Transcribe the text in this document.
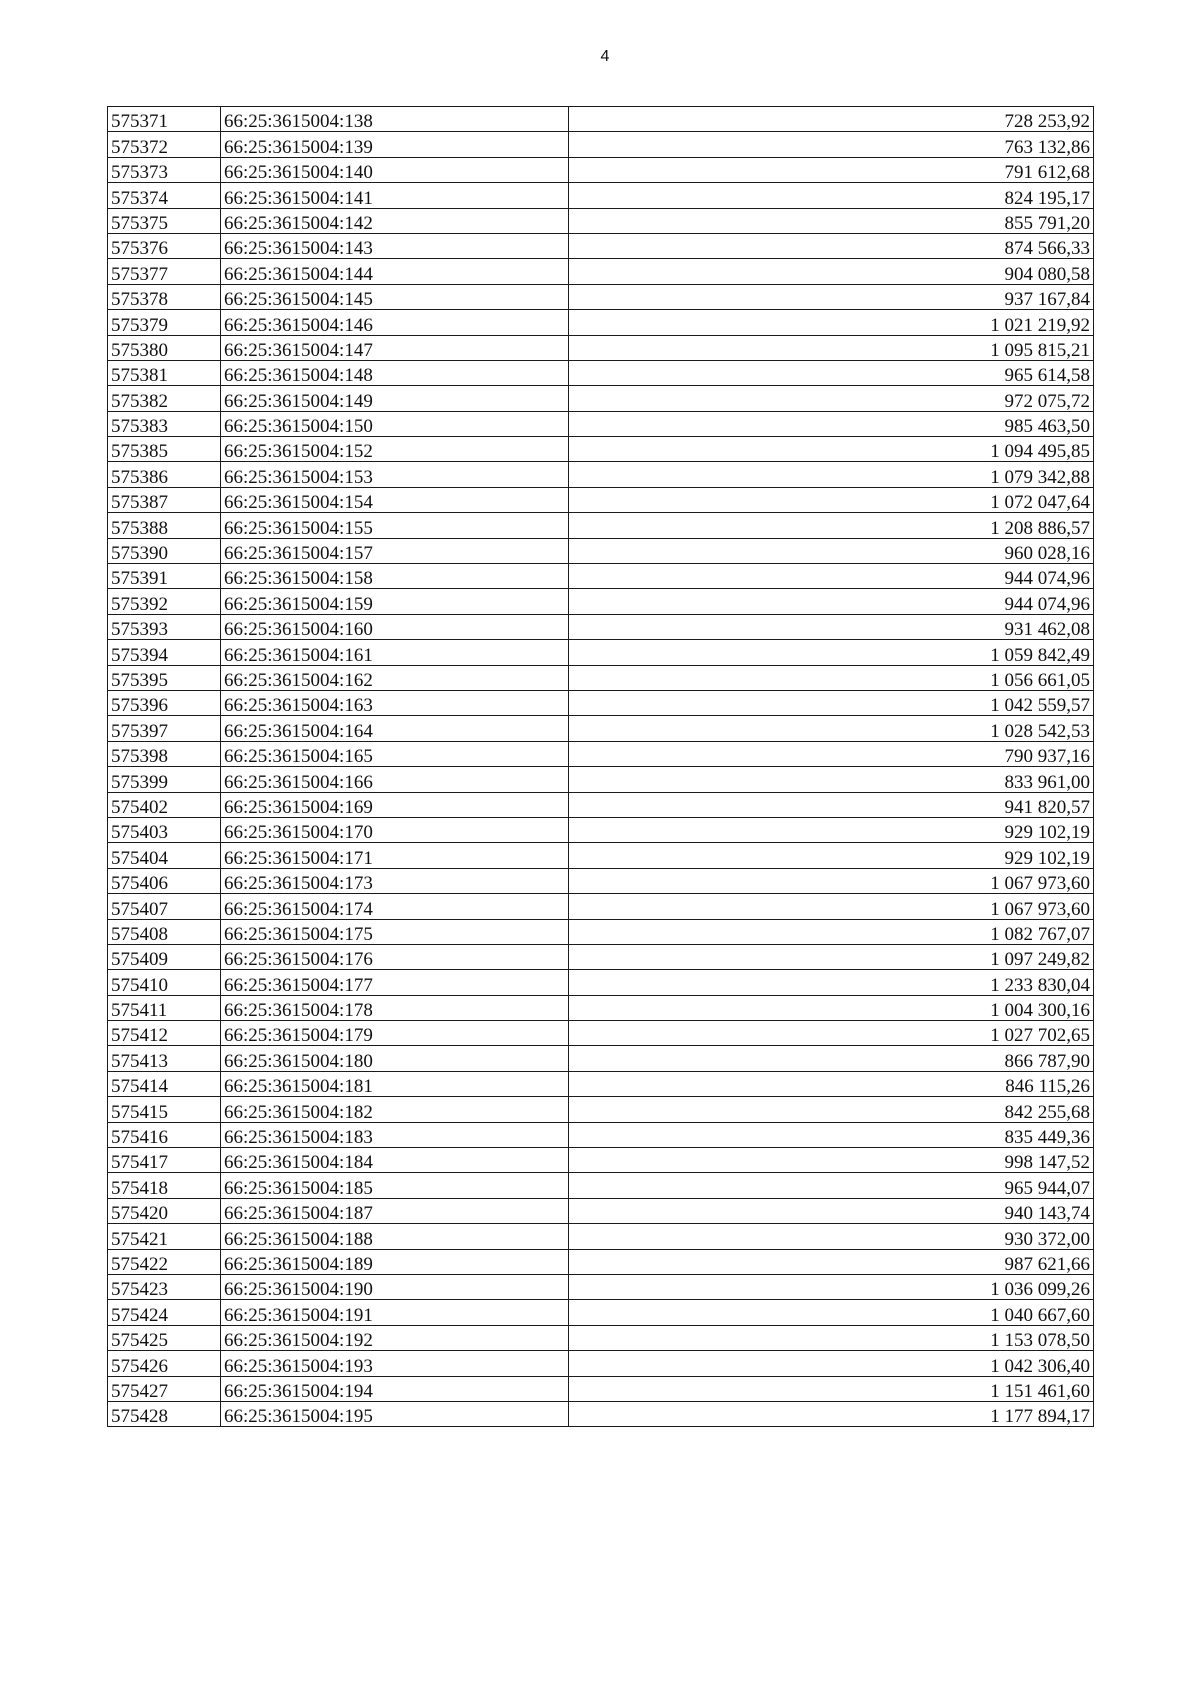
4
575371	66:25:3615004:138	728 253,92
575372	66:25:3615004:139	763 132,86
575373	66:25:3615004:140	791 612,68
575374	66:25:3615004:141	824 195,17
575375	66:25:3615004:142	855 791,20
575376	66:25:3615004:143	874 566,33
575377	66:25:3615004:144	904 080,58
575378	66:25:3615004:145	937 167,84
575379	66:25:3615004:146	1 021 219,92
575380	66:25:3615004:147	1 095 815,21
575381	66:25:3615004:148	965 614,58
575382	66:25:3615004:149	972 075,72
575383	66:25:3615004:150	985 463,50
575385	66:25:3615004:152	1 094 495,85
575386	66:25:3615004:153	1 079 342,88
575387	66:25:3615004:154	1 072 047,64
575388	66:25:3615004:155	1 208 886,57
575390	66:25:3615004:157	960 028,16
575391	66:25:3615004:158	944 074,96
575392	66:25:3615004:159	944 074,96
575393	66:25:3615004:160	931 462,08
575394	66:25:3615004:161	1 059 842,49
575395	66:25:3615004:162	1 056 661,05
575396	66:25:3615004:163	1 042 559,57
575397	66:25:3615004:164	1 028 542,53
575398	66:25:3615004:165	790 937,16
575399	66:25:3615004:166	833 961,00
575402	66:25:3615004:169	941 820,57
575403	66:25:3615004:170	929 102,19
575404	66:25:3615004:171	929 102,19
575406	66:25:3615004:173	1 067 973,60
575407	66:25:3615004:174	1 067 973,60
575408	66:25:3615004:175	1 082 767,07
575409	66:25:3615004:176	1 097 249,82
575410	66:25:3615004:177	1 233 830,04
575411	66:25:3615004:178	1 004 300,16
575412	66:25:3615004:179	1 027 702,65
575413	66:25:3615004:180	866 787,90
575414	66:25:3615004:181	846 115,26
575415	66:25:3615004:182	842 255,68
575416	66:25:3615004:183	835 449,36
575417	66:25:3615004:184	998 147,52
575418	66:25:3615004:185	965 944,07
575420	66:25:3615004:187	940 143,74
575421	66:25:3615004:188	930 372,00
575422	66:25:3615004:189	987 621,66
575423	66:25:3615004:190	1 036 099,26
575424	66:25:3615004:191	1 040 667,60
575425	66:25:3615004:192	1 153 078,50
575426	66:25:3615004:193	1 042 306,40
575427	66:25:3615004:194	1 151 461,60
575428	66:25:3615004:195	1 177 894,17
